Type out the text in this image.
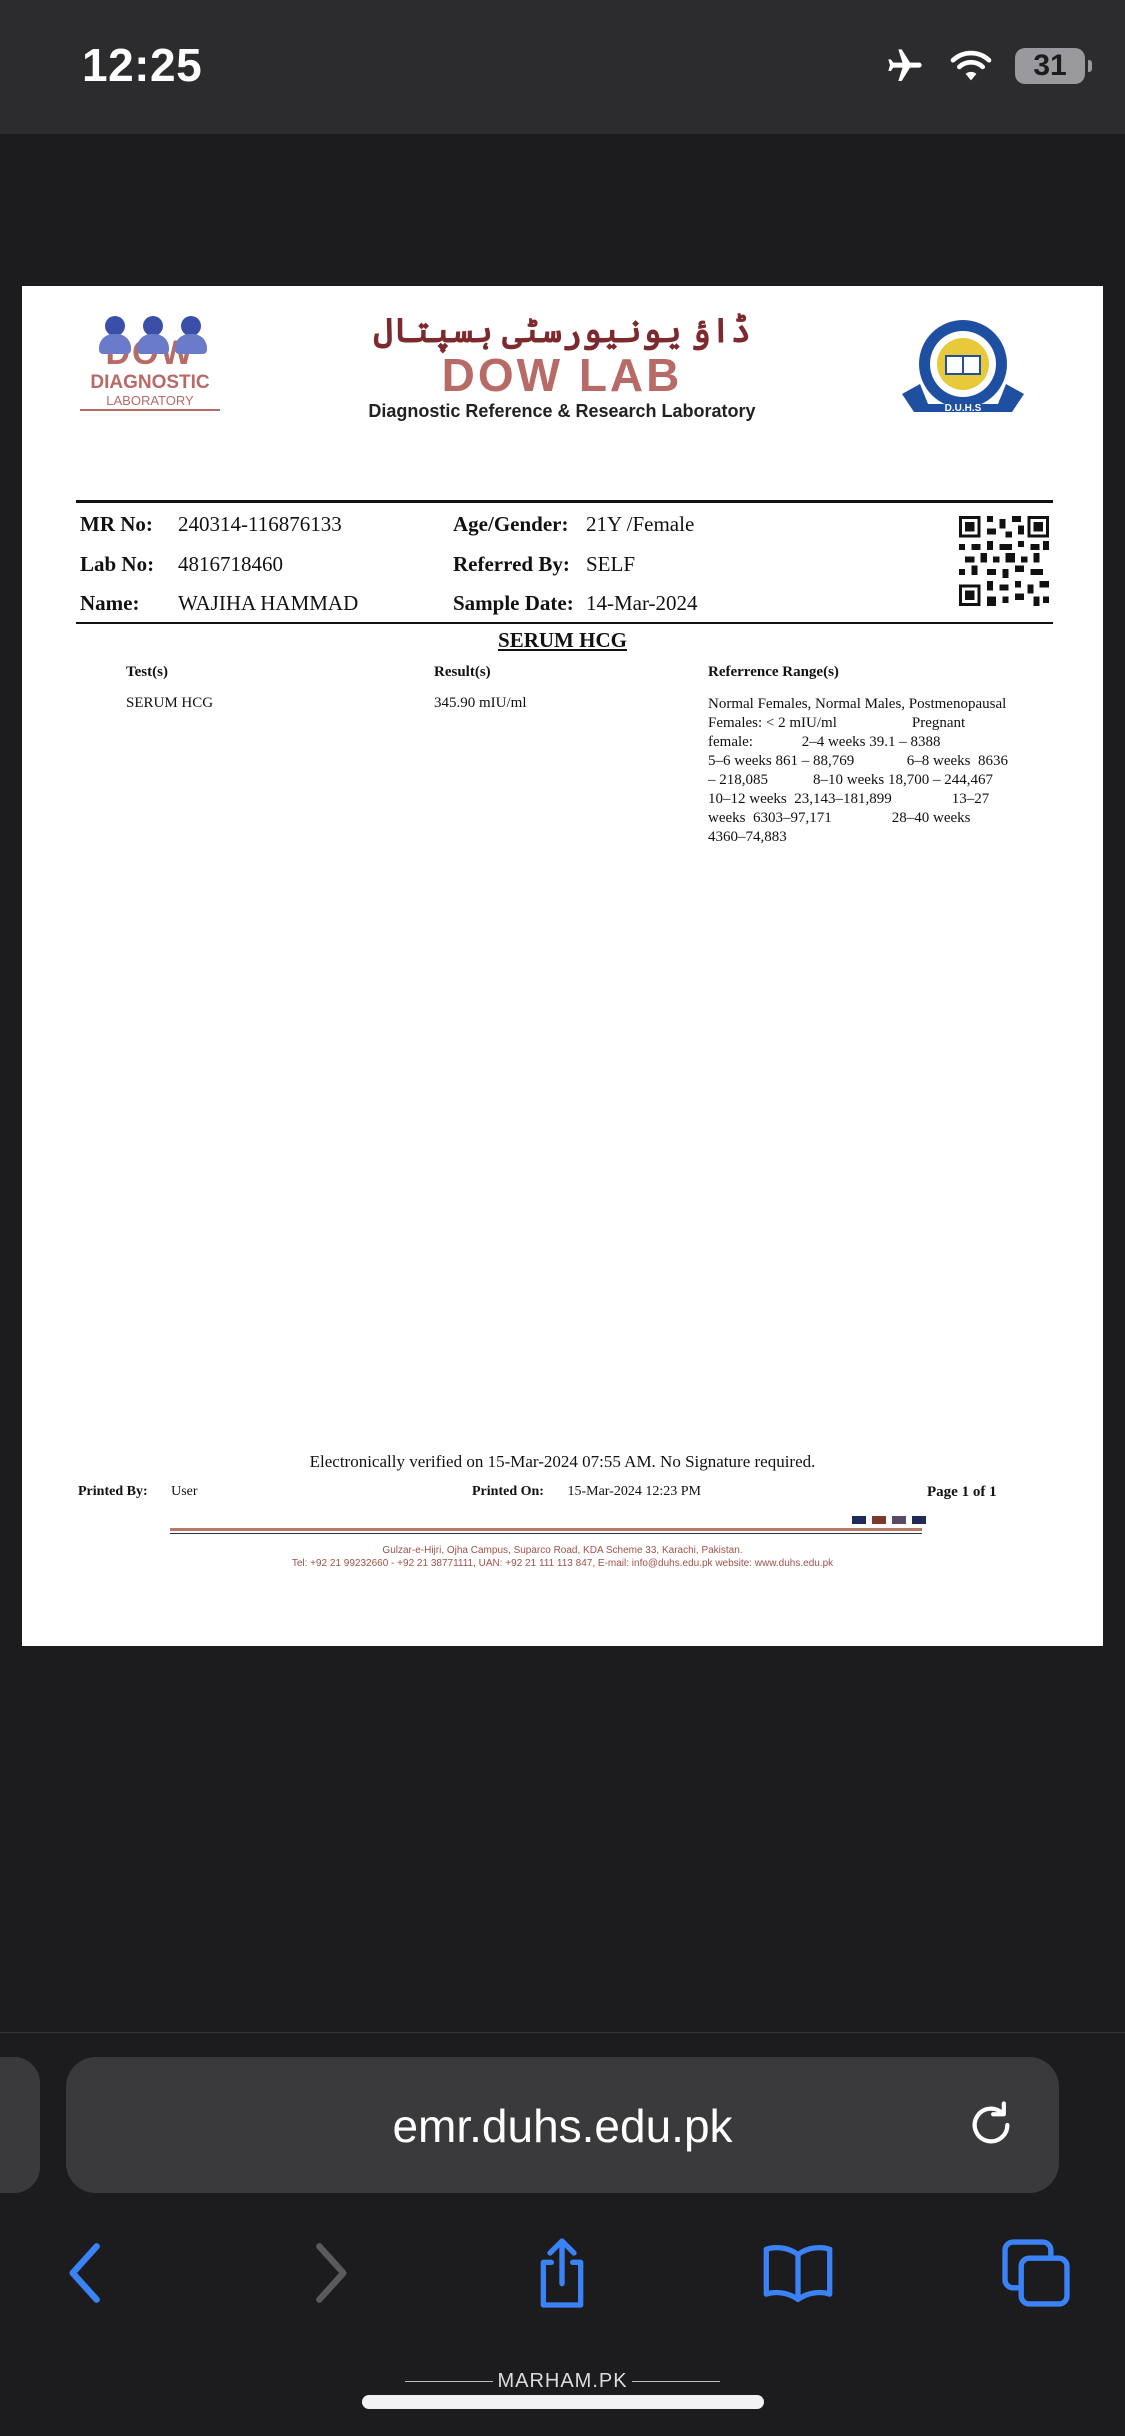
12:25	31
DIAGNOSTIC
LABORATORY
ڈاؤ یونیورسٹی ہسپتال
DOW LAB
Diagnostic Reference & Research Laboratory	D.U.H.S
MR No: 240314-116876133
Lab No: 4816718460
Name: WAJIHA HAMMAD
Age/Gender: 21Y /Female
Referred By: SELF
Sample Date: 14-Mar-2024
SERUM HCG
Test(s)	Result(s)	Referrence Range(s)
SERUM HCG	345.90 mIU/ml	Normal Females, Normal Males, Postmenopausal
Females: < 2 mIU/ml                    Pregnant
female:             2–4 weeks 39.1 – 8388
5–6 weeks 861 – 88,769              6–8 weeks  8636
– 218,085            8–10 weeks 18,700 – 244,467
10–12 weeks  23,143–181,899                13–27
weeks  6303–97,171                28–40 weeks
4360–74,883
Electronically verified on 15-Mar-2024 07:55 AM. No Signature required.
Printed By: User	Printed On: 15-Mar-2024 12:23 PM	Page 1 of 1
Gulzar-e-Hijri, Ojha Campus, Suparco Road, KDA Scheme 33, Karachi, Pakistan.
Tel: +92 21 99232660 - +92 21 38771111, UAN: +92 21 111 113 847, E-mail: info@duhs.edu.pk website: www.duhs.edu.pk
emr.duhs.edu.pk
MARHAM.PK
